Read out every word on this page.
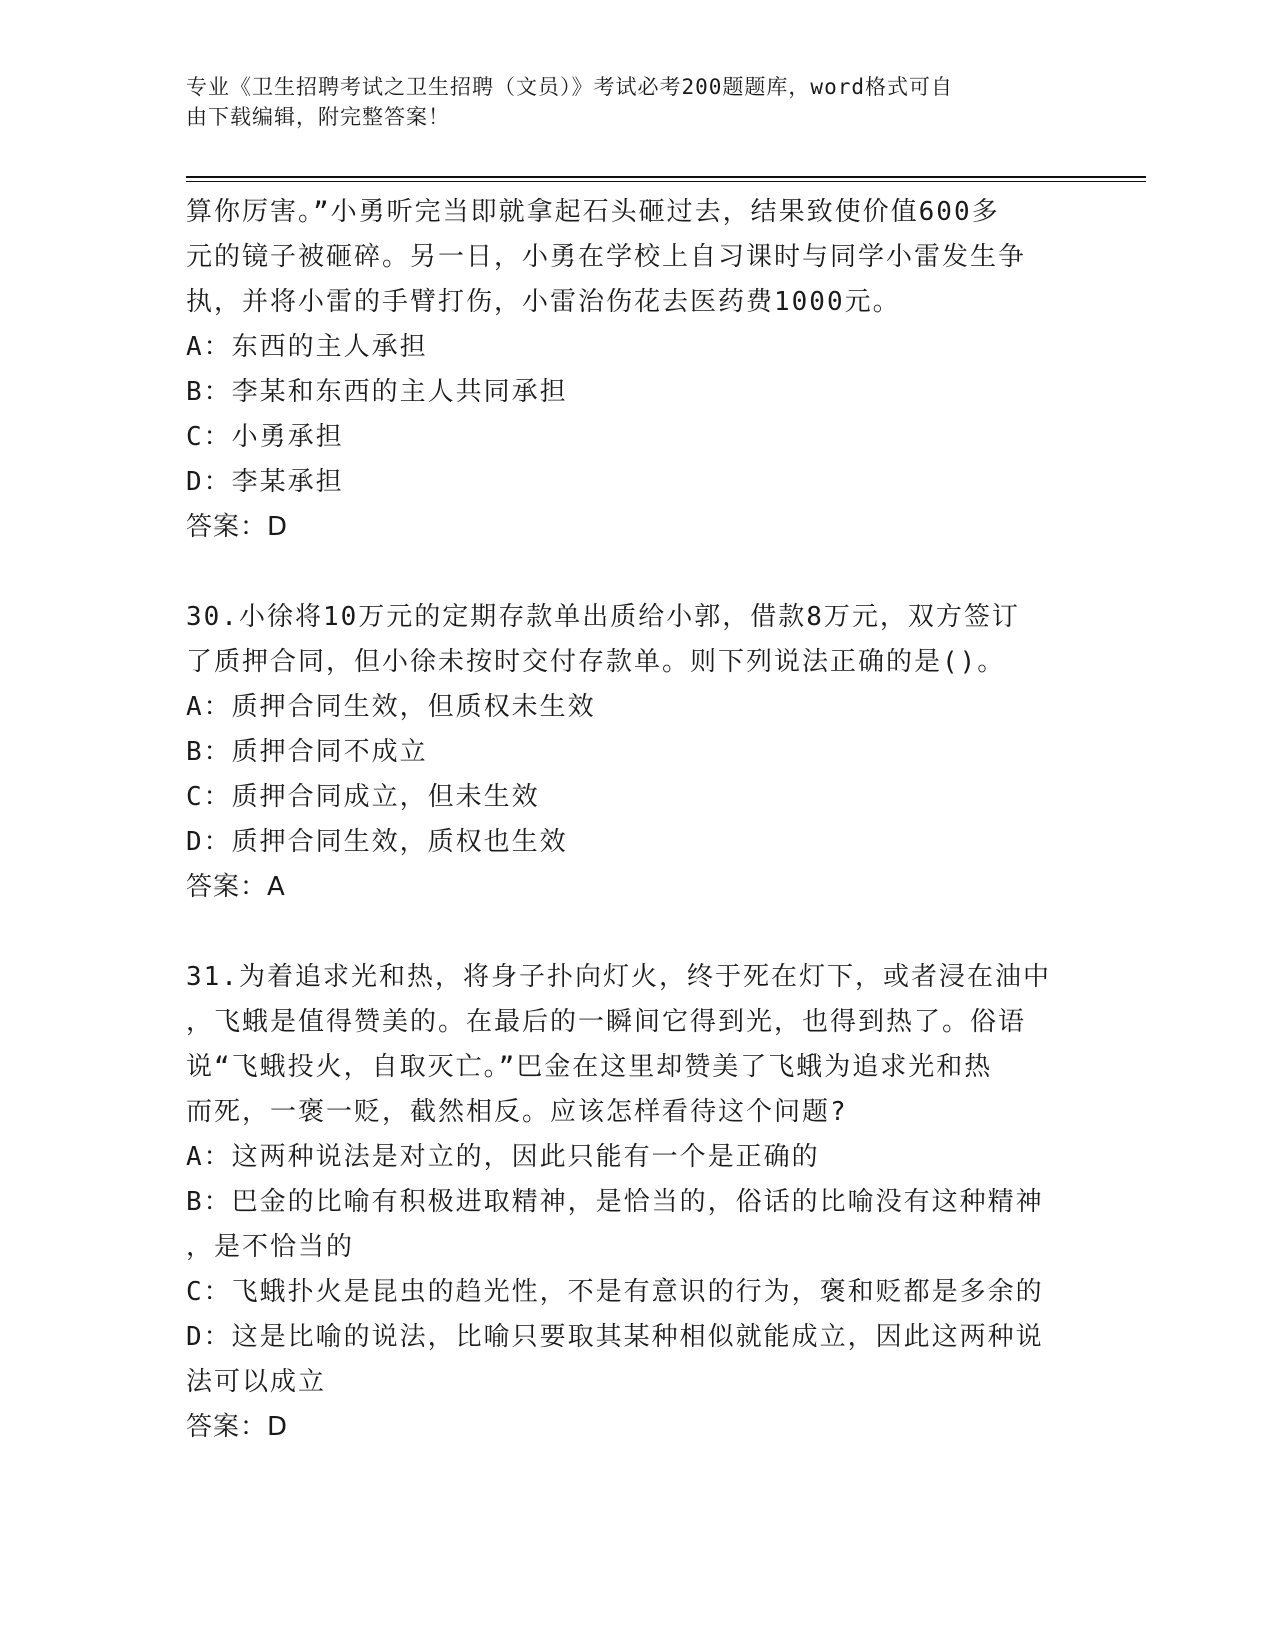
专业《卫生招聘考试之卫生招聘（文员）》考试必考200题题库，word格式可自
由下载编辑，附完整答案！
算你厉害。”小勇听完当即就拿起石头砸过去，结果致使价值600多
元的镜子被砸碎。另一日，小勇在学校上自习课时与同学小雷发生争
执，并将小雷的手臂打伤，小雷治伤花去医药费1000元。
A：东西的主人承担
B：李某和东西的主人共同承担
C：小勇承担
D：李某承担
答案：D
30.小徐将10万元的定期存款单出质给小郭，借款8万元，双方签订
了质押合同，但小徐未按时交付存款单。则下列说法正确的是()。
A：质押合同生效，但质权未生效
B：质押合同不成立
C：质押合同成立，但未生效
D：质押合同生效，质权也生效
答案：A
31.为着追求光和热，将身子扑向灯火，终于死在灯下，或者浸在油中
，飞蛾是值得赞美的。在最后的一瞬间它得到光，也得到热了。俗语
说“飞蛾投火，自取灭亡。”巴金在这里却赞美了飞蛾为追求光和热
而死，一褒一贬，截然相反。应该怎样看待这个问题?
A：这两种说法是对立的，因此只能有一个是正确的
B：巴金的比喻有积极进取精神，是恰当的，俗话的比喻没有这种精神
，是不恰当的
C：飞蛾扑火是昆虫的趋光性，不是有意识的行为，褒和贬都是多余的
D：这是比喻的说法，比喻只要取其某种相似就能成立，因此这两种说
法可以成立
答案：D
